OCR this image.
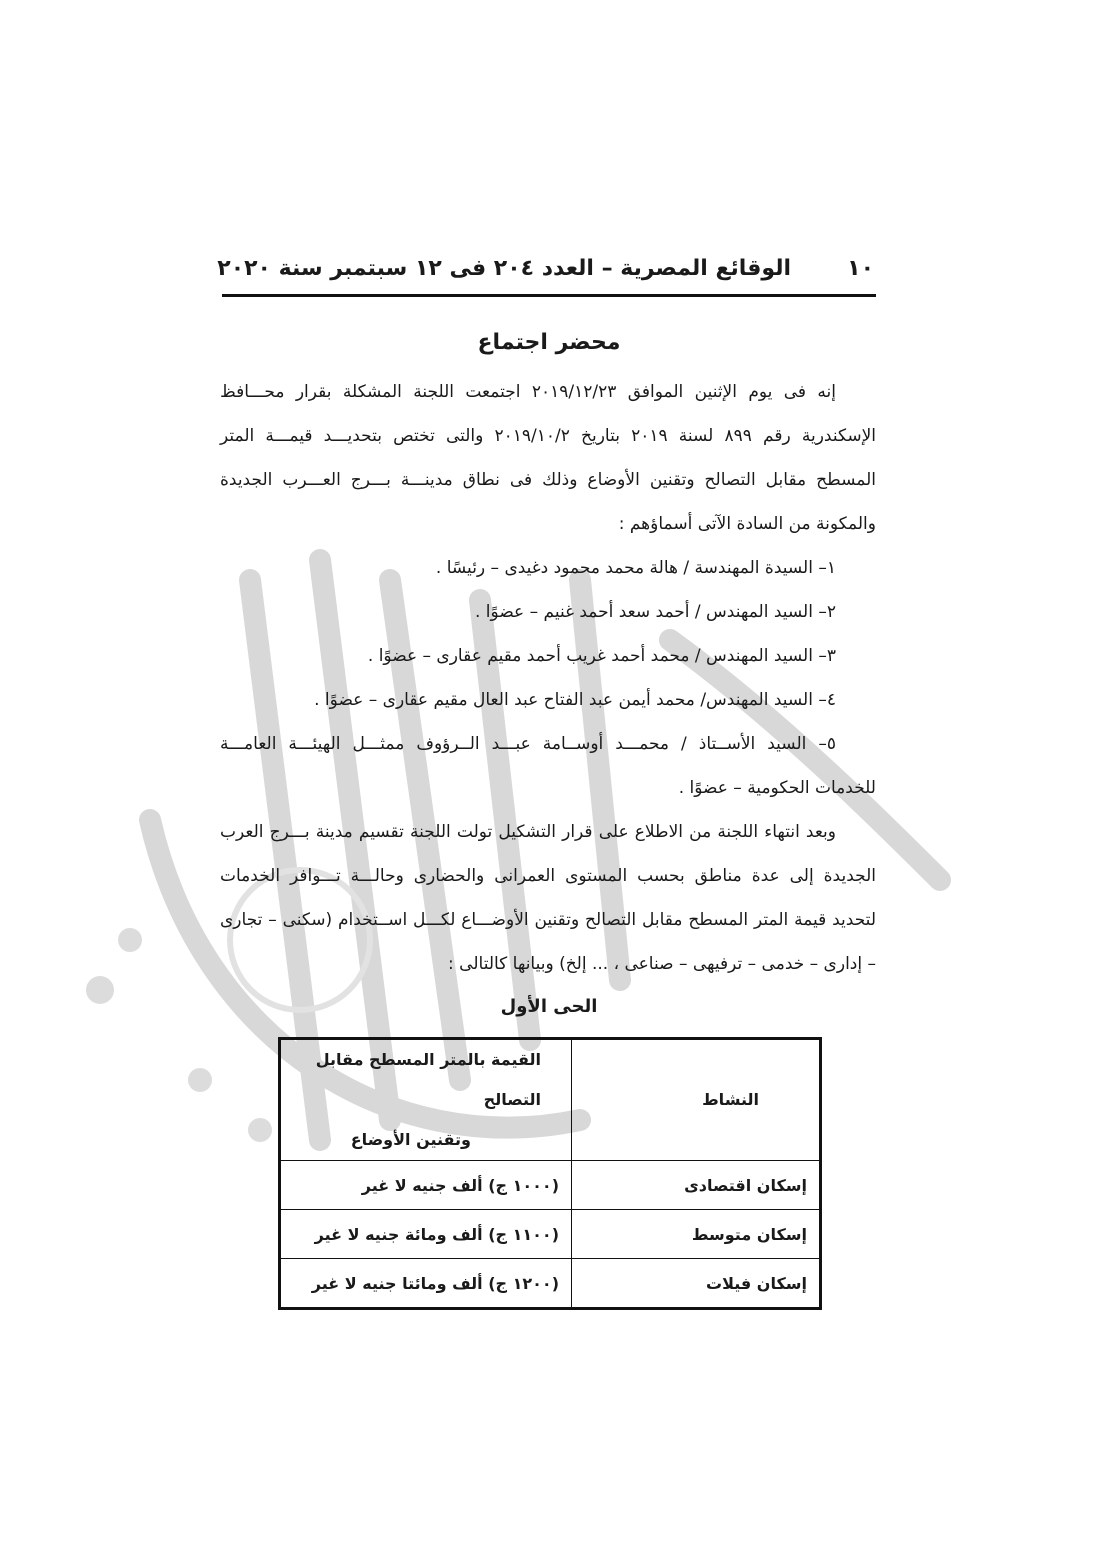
الوقائع المصرية – العدد ٢٠٤ فى ١٢ سبتمبر سنة ٢٠٢٠	١٠
محضر اجتماع

إنه فى يوم الإثنين الموافق ٢٠١٩/١٢/٢٣ اجتمعت اللجنة المشكلة بقرار محـــافظ الإسكندرية رقم ٨٩٩ لسنة ٢٠١٩ بتاريخ ٢٠١٩/١٠/٢ والتى تختص بتحديـــد قيمـــة المتر المسطح مقابل التصالح وتقنين الأوضاع وذلك فى نطاق مدينـــة بـــرج العـــرب الجديدة والمكونة من السادة الآتى أسماؤهم :

١– السيدة المهندسة / هالة محمد محمود دغيدى – رئيسًا .

٢– السيد المهندس / أحمد سعد أحمد غنيم – عضوًا .

٣– السيد المهندس / محمد أحمد غريب أحمد مقيم عقارى – عضوًا .

٤– السيد المهندس/ محمد أيمن عبد الفتاح عبد العال مقيم عقارى – عضوًا .

٥– السيد الأســتاذ / محمـــد أوســامة عبـــد الــرؤوف ممثـــل الهيئـــة العامـــة للخدمات الحكومية – عضوًا .

وبعد انتهاء اللجنة من الاطلاع على قرار التشكيل تولت اللجنة تقسيم مدينة بـــرج العرب الجديدة إلى عدة مناطق بحسب المستوى العمرانى والحضارى وحالـــة تـــوافر الخدمات لتحديد قيمة المتر المسطح مقابل التصالح وتقنين الأوضـــاع لكـــل اســتخدام (سكنى – تجارى – إدارى – خدمى – ترفيهى – صناعى ، ... إلخ) وبيانها كالتالى :

الحى الأول
النشاط	القيمة بالمتر المسطح مقابل التصالح
وتقنين الأوضاع

إسكان اقتصادى	(١٠٠٠ ج) ألف جنيه لا غير
إسكان متوسط	(١١٠٠ ج) ألف ومائة جنيه لا غير
إسكان فيلات	(١٢٠٠ ج) ألف ومائتا جنيه لا غير
